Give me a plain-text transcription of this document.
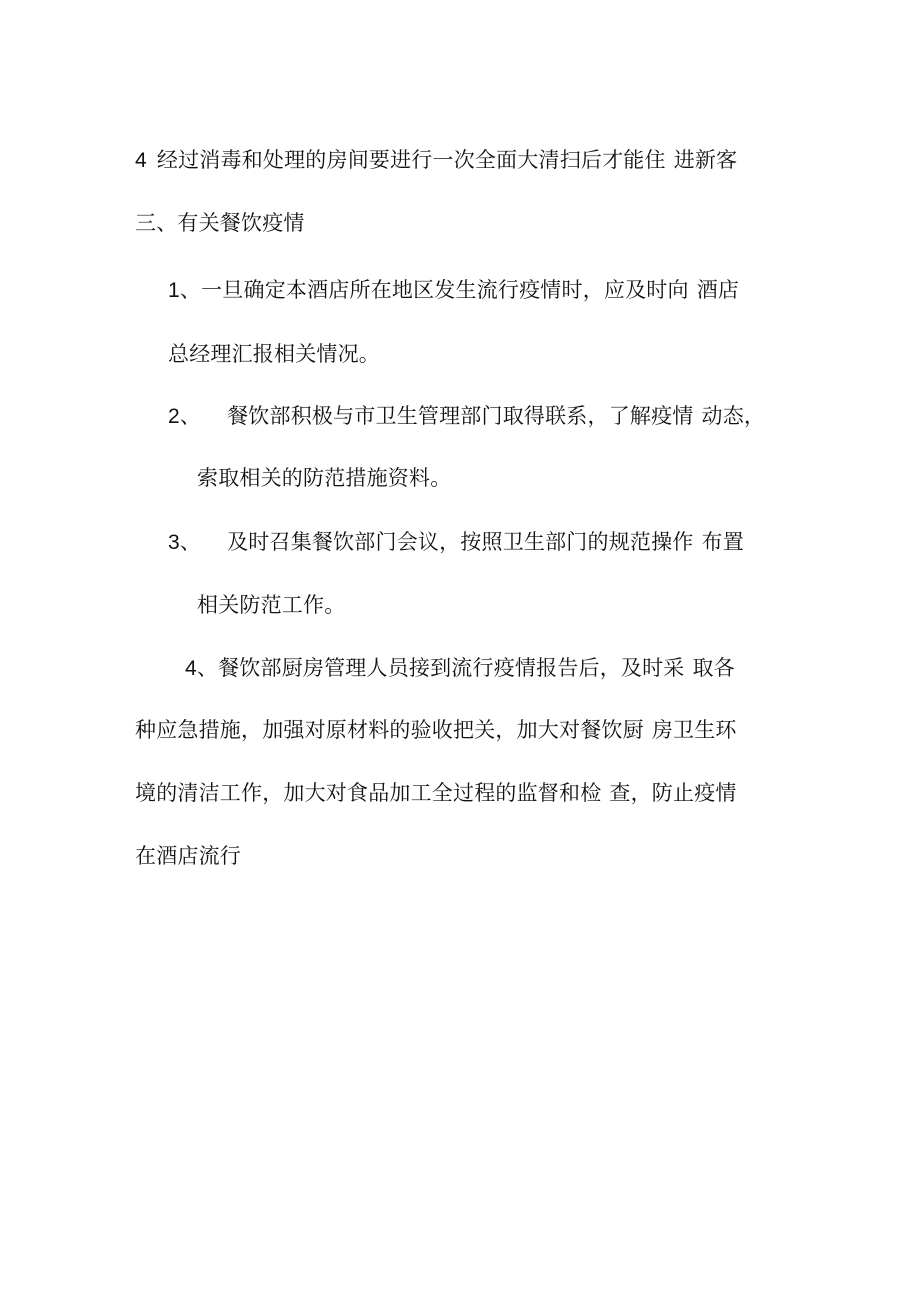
4 经过消毒和处理的房间要进行一次全面大清扫后才能住 进新客
三、有关餐饮疫情
1、一旦确定本酒店所在地区发生流行疫情时，应及时向 酒店
总经理汇报相关情况。
2、 餐饮部积极与市卫生管理部门取得联系，了解疫情 动态，
索取相关的防范措施资料。
3、 及时召集餐饮部门会议，按照卫生部门的规范操作 布置
相关防范工作。
4、餐饮部厨房管理人员接到流行疫情报告后，及时采 取各
种应急措施，加强对原材料的验收把关，加大对餐饮厨 房卫生环
境的清洁工作，加大对食品加工全过程的监督和检 查，防止疫情
在酒店流行
